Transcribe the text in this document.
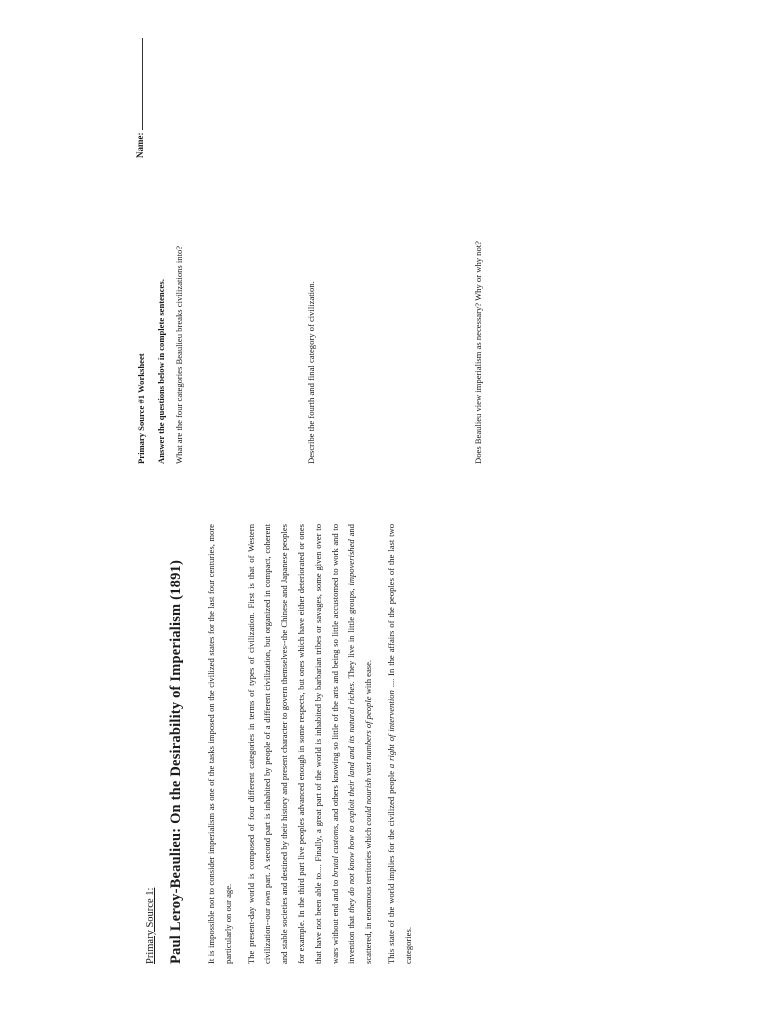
Primary Source 1: Paul Leroy-Beaulieu: On the Desirability of Imperialism (1891)	It is impossible not to consider imperialism as one of the tasks imposed on the civilized states for the last four centuries, more particularly on our age.	The present-day world is composed of four different categories in terms of types of civilization. First is that of Western civilization--our own part. A second part is inhabited by people of a different civilization, but organized in compact, coherent and stable societies and destined by their history and present character to govern themselves--the Chinese and Japanese peoples for example. In the third part live peoples advanced enough in some respects, but ones which have either deteriorated or ones that have not been able to.... Finally, a great part of the world is inhabited by barbarian tribes or savages, some given over to wars without end and to brutal customs, and others knowing so little of the arts and being so little accustomed to work and to invention that they do not know how to exploit their land and its natural riches. They live in little groups, impoverished and scattered, in enormous territories which could nourish vast numbers of people with ease.

This state of the world implies for the civilized people a right of intervention .... In the affairs of the peoples of the last two categories.

Primary Source #1 Worksheet
Name:
Answer the questions below in complete sentences. What are the four categories Beaulieu breaks civilizations into?	Describe the fourth and final category of civilization.	Does Beaulieu view imperialism as necessary? Why or why not?
